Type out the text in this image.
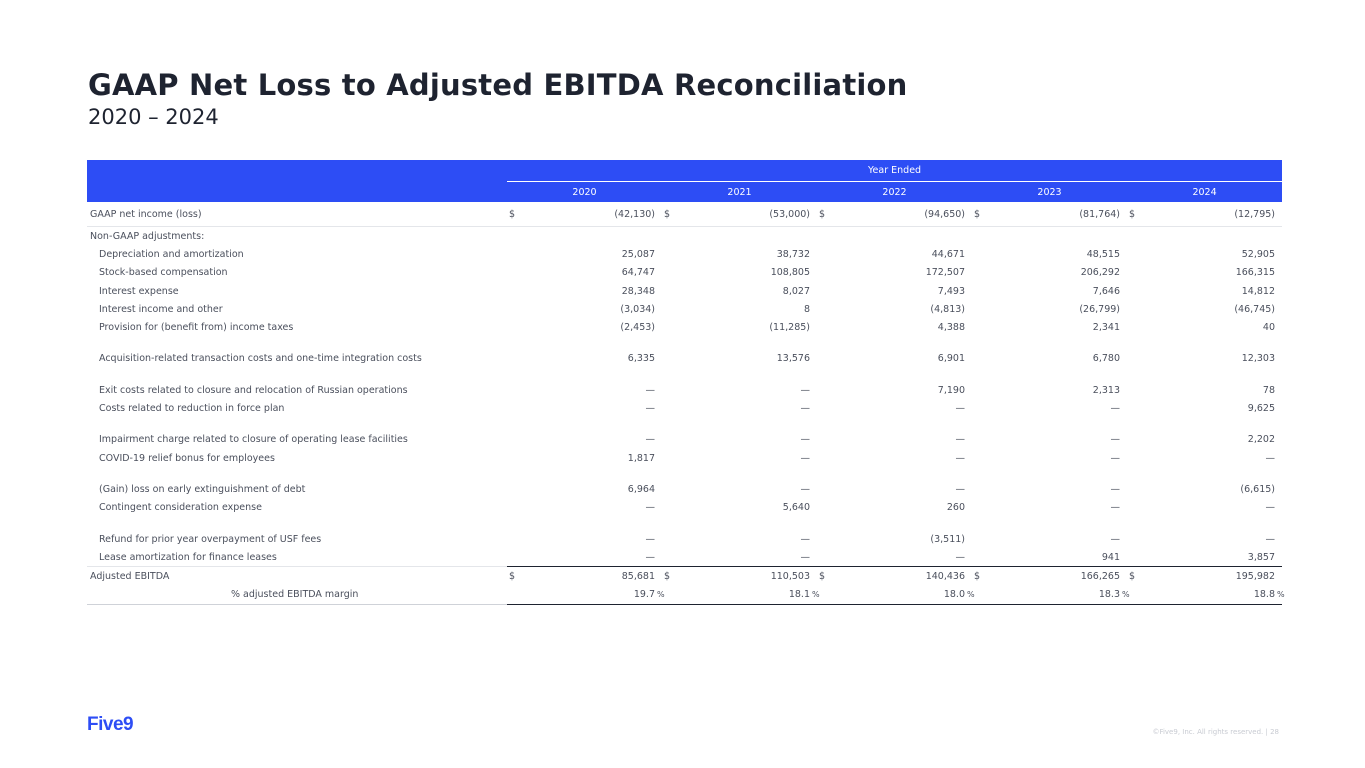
GAAP Net Loss to Adjusted EBITDA Reconciliation
2020 – 2024
	Year Ended														
	2020			2021			2022			2023			2024		
GAAP net income (loss)	$	(42,130)		$	(53,000)		$	(94,650)		$	(81,764)		$	(12,795)	
Non-GAAP adjustments:															
Depreciation and amortization		25,087			38,732			44,671			48,515			52,905	
Stock-based compensation		64,747			108,805			172,507			206,292			166,315	
Interest expense		28,348			8,027			7,493			7,646			14,812	
Interest income and other		(3,034)			8			(4,813)			(26,799)			(46,745)	
Provision for (benefit from) income taxes		(2,453)			(11,285)			4,388			2,341			40	

Acquisition-related transaction costs and one-time integration costs		6,335			13,576			6,901			6,780			12,303	

Exit costs related to closure and relocation of Russian operations		—			—			7,190			2,313			78	
Costs related to reduction in force plan		—			—			—			—			9,625	

Impairment charge related to closure of operating lease facilities		—			—			—			—			2,202	
COVID-19 relief bonus for employees		1,817			—			—			—			—	

(Gain) loss on early extinguishment of debt		6,964			—			—			—			(6,615)	
Contingent consideration expense		—			5,640			260			—			—	

Refund for prior year overpayment of USF fees		—			—			(3,511)			—			—	
Lease amortization for finance leases		—			—			—			941			3,857	
Adjusted EBITDA	$	85,681		$	110,503		$	140,436		$	166,265		$	195,982	
% adjusted EBITDA margin		19.7	%		18.1	%		18.0	%		18.3	%		18.8	%
Five9	©Five9, Inc. All rights reserved. | 28
